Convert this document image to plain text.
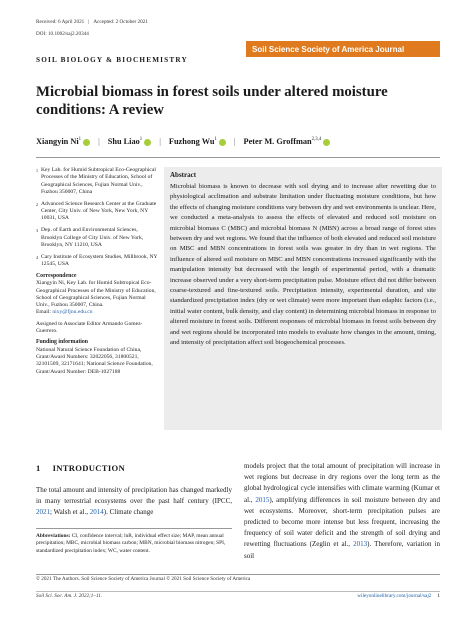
Received: 6 April 2021 | Accepted: 2 October 2021
DOI: 10.1002/saj2.20344
Soil Science Society of America Journal
SOIL BIOLOGY & BIOCHEMISTRY
Microbial biomass in forest soils under altered moisture conditions: A review
Xiangyin Ni$^1$ | Shu Liao$^1$ | Fuzhong Wu$^1$ | Peter M. Groffman$^{2,3,4}$
1 Key Lab. for Humid Subtropical Eco-Geographical Processes of the Ministry of Education, School of Geographical Sciences, Fujian Normal Univ., Fuzhou 350007, China
2 Advanced Science Research Center at the Graduate Center, City Univ. of New York, New York, NY 10031, USA
3 Dep. of Earth and Environmental Sciences, Brooklyn College of City Univ. of New York, Brooklyn, NY 11210, USA
4 Cary Institute of Ecosystem Studies, Millbrook, NY 12545, USA
Correspondence

Xiangyin Ni, Key Lab. for Humid Subtropical Eco-Geographical Processes of the Ministry of Education, School of Geographical Sciences, Fujian Normal Univ., Fuzhou 350007, China.
Email: nixy@fjnu.edu.cn

Assigned to Associate Editor Armando Gomez-Guerrero.

Funding information

National Natural Science Foundation of China, Grant/Award Numbers: 32022056, 31800521, 32101509, 32171641; National Science Foundation, Grant/Award Number: DEB-1027188

Abstract

Microbial biomass is known to decrease with soil drying and to increase after rewetting due to physiological acclimation and substrate limitation under fluctuating moisture conditions, but how the effects of changing moisture conditions vary between dry and wet environments is unclear. Here, we conducted a meta-analysis to assess the effects of elevated and reduced soil moisture on microbial biomass C (MBC) and microbial biomass N (MBN) across a broad range of forest sites between dry and wet regions. We found that the influence of both elevated and reduced soil moisture on MBC and MBN concentrations in forest soils was greater in dry than in wet regions. The influence of altered soil moisture on MBC and MBN concentrations increased significantly with the manipulation intensity but decreased with the length of experimental period, with a dramatic increase observed under a very short-term precipitation pulse. Moisture effect did not differ between coarse-textured and fine-textured soils. Precipitation intensity, experimental duration, and site standardized precipitation index (dry or wet climate) were more important than edaphic factors (i.e., initial water content, bulk density, and clay content) in determining microbial biomass in response to altered moisture in forest soils. Different responses of microbial biomass in forest soils between dry and wet regions should be incorporated into models to evaluate how changes in the amount, timing, and intensity of precipitation affect soil biogeochemical processes.

1 INTRODUCTION
The total amount and intensity of precipitation has changed markedly in many terrestrial ecosystems over the past half century (IPCC, 2021; Walsh et al., 2014). Climate change
Abbreviations: CI, confidence interval; lnR, individual effect size; MAP, mean annual precipitation; MBC, microbial biomass carbon; MBN, microbial biomass nitrogen; SPI, standardized precipitation index; WC, water content.
models project that the total amount of precipitation will increase in wet regions but decrease in dry regions over the long term as the global hydrological cycle intensifies with climate warming (Kumar et al., 2015), amplifying differences in soil moisture between dry and wet ecosystems. Moreover, short-term precipitation pulses are predicted to become more intense but less frequent, increasing the frequency of soil water deficit and the strength of soil drying and rewetting fluctuations (Zeglin et al., 2013). Therefore, variation in soil
© 2021 The Authors. Soil Science Society of America Journal © 2021 Soil Science Society of America
Soil Sci. Soc. Am. J. 2022;1–11.	wileyonlinelibrary.com/journal/saj2 1
